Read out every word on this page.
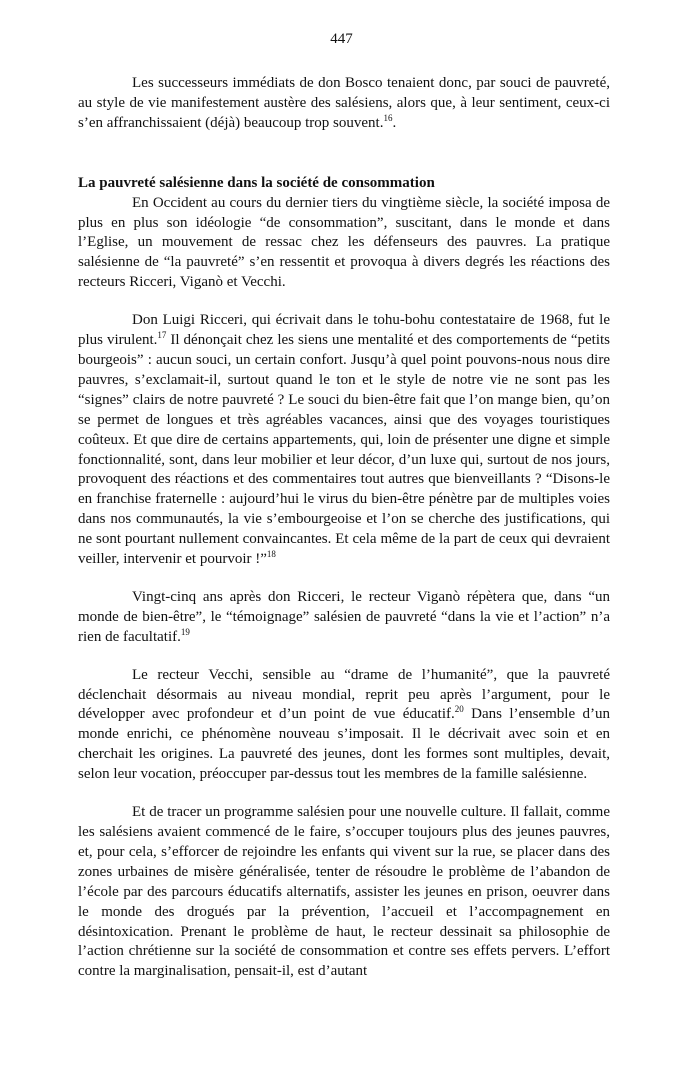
447

Les successeurs immédiats de don Bosco tenaient donc, par souci de pauvreté, au style de vie manifestement austère des salésiens, alors que, à leur sentiment, ceux-ci s’en affranchissaient (déjà) beaucoup trop souvent.$^{16}$.

La pauvreté salésienne dans la société de consommation

En Occident au cours du dernier tiers du vingtième siècle, la société imposa de plus en plus son idéologie “de consommation”, suscitant, dans le monde et dans l’Eglise, un mouvement de ressac chez les défenseurs des pauvres. La pratique salésienne de “la pauvreté” s’en ressentit et provoqua à divers degrés les réactions des recteurs Ricceri, Viganò et Vecchi.

Don Luigi Ricceri, qui écrivait dans le tohu-bohu contestataire de 1968, fut le plus virulent.$^{17}$ Il dénonçait chez les siens une mentalité et des comportements de “petits bourgeois” : aucun souci, un certain confort. Jusqu’à quel point pouvons-nous nous dire pauvres, s’exclamait-il, surtout quand le ton et le style de notre vie ne sont pas les “signes” clairs de notre pauvreté ? Le souci du bien-être fait que l’on mange bien, qu’on se permet de longues et très agréables vacances, ainsi que des voyages touristiques coûteux. Et que dire de certains appartements, qui, loin de présenter une digne et simple fonctionnalité, sont, dans leur mobilier et leur décor, d’un luxe qui, surtout de nos jours, provoquent des réactions et des commentaires tout autres que bienveillants ? “Disons-le en franchise fraternelle : aujourd’hui le virus du bien-être pénètre par de multiples voies dans nos communautés, la vie s’embourgeoise et l’on se cherche des justifications, qui ne sont pourtant nullement convaincantes. Et cela même de la part de ceux qui devraient veiller, intervenir et pourvoir !”$^{18}$

Vingt-cinq ans après don Ricceri, le recteur Viganò répètera que, dans “un monde de bien-être”, le “témoignage” salésien de pauvreté “dans la vie et l’action” n’a rien de facultatif.$^{19}$

Le recteur Vecchi, sensible au “drame de l’humanité”, que la pauvreté déclenchait désormais au niveau mondial, reprit peu après l’argument, pour le développer avec profondeur et d’un point de vue éducatif.$^{20}$ Dans l’ensemble d’un monde enrichi, ce phénomène nouveau s’imposait. Il le décrivait avec soin et en cherchait les origines. La pauvreté des jeunes, dont les formes sont multiples, devait, selon leur vocation, préoccuper par-dessus tout les membres de la famille salésienne.

Et de tracer un programme salésien pour une nouvelle culture. Il fallait, comme les salésiens avaient commencé de le faire, s’occuper toujours plus des jeunes pauvres, et, pour cela, s’efforcer de rejoindre les enfants qui vivent sur la rue, se placer dans des zones urbaines de misère généralisée, tenter de résoudre le problème de l’abandon de l’école par des parcours éducatifs alternatifs, assister les jeunes en prison, oeuvrer dans le monde des drogués par la prévention, l’accueil et l’accompagnement en désintoxication. Prenant le problème de haut, le recteur dessinait sa philosophie de l’action chrétienne sur la société de consommation et contre ses effets pervers. L’effort contre la marginalisation, pensait-il, est d’autant
